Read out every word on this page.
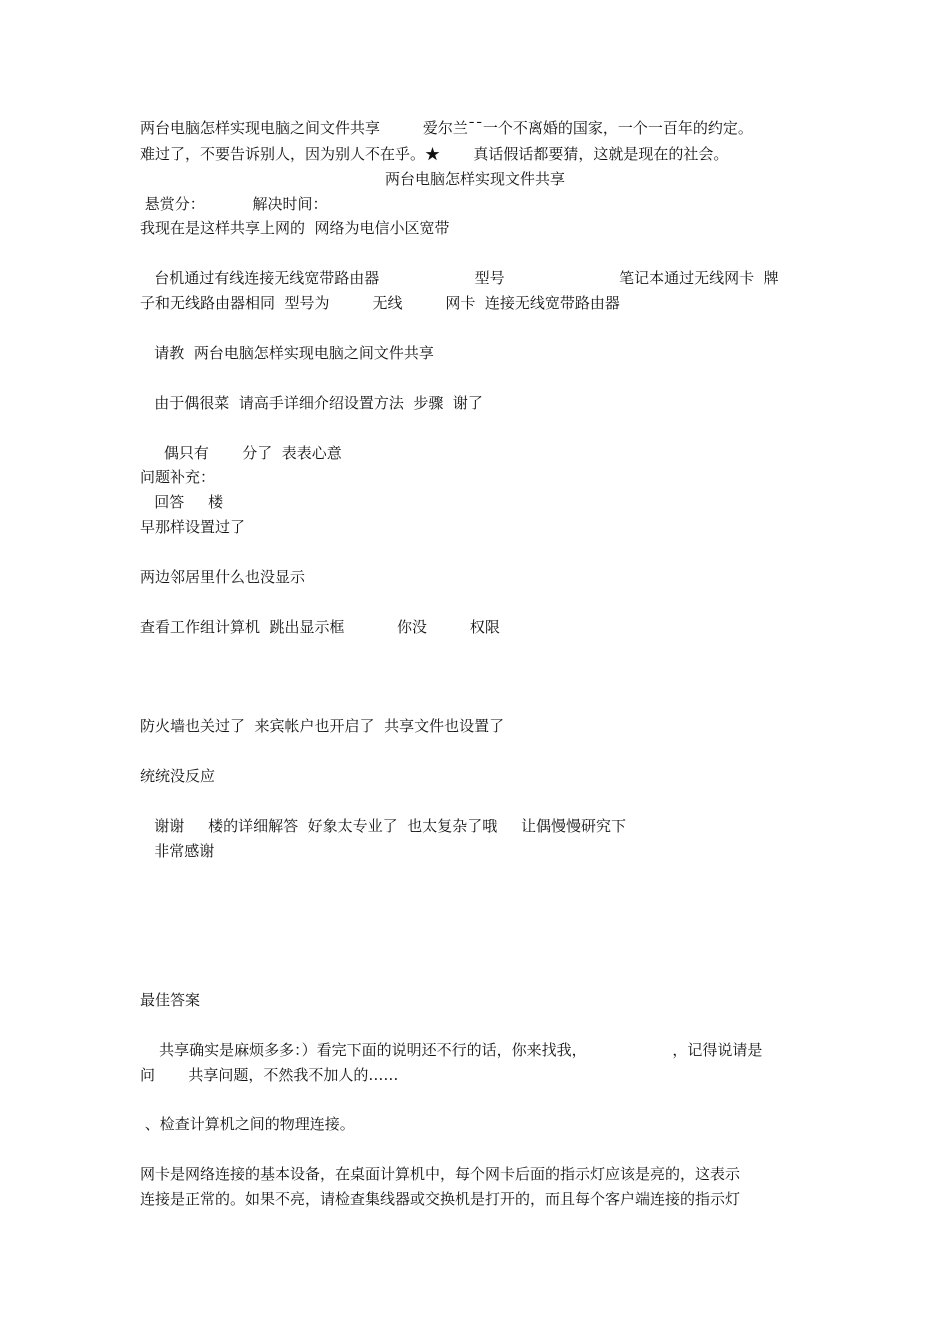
两台电脑怎样实现电脑之间文件共享         爱尔兰¯¯一个不离婚的国家，一个一百年的约定。
难过了，不要告诉别人，因为别人不在乎。★       真话假话都要猜，这就是现在的社会。
两台电脑怎样实现文件共享
悬赏分：          解决时间：
我现在是这样共享上网的  网络为电信小区宽带
台机通过有线连接无线宽带路由器                    型号                        笔记本通过无线网卡  牌
子和无线路由器相同  型号为         无线         网卡  连接无线宽带路由器
请教  两台电脑怎样实现电脑之间文件共享
由于偶很菜  请高手详细介绍设置方法  步骤  谢了
偶只有       分了  表表心意
问题补充：
回答     楼
早那样设置过了
两边邻居里什么也没显示
查看工作组计算机  跳出显示框           你没         权限
防火墙也关过了  来宾帐户也开启了  共享文件也设置了
统统没反应
谢谢     楼的详细解答  好象太专业了  也太复杂了哦     让偶慢慢研究下
非常感谢
最佳答案
共享确实是麻烦多多：）看完下面的说明还不行的话，你来找我，                  ，记得说请是
问       共享问题，不然我不加人的……
、检查计算机之间的物理连接。
网卡是网络连接的基本设备，在桌面计算机中，每个网卡后面的指示灯应该是亮的，这表示
连接是正常的。如果不亮，请检查集线器或交换机是打开的，而且每个客户端连接的指示灯
